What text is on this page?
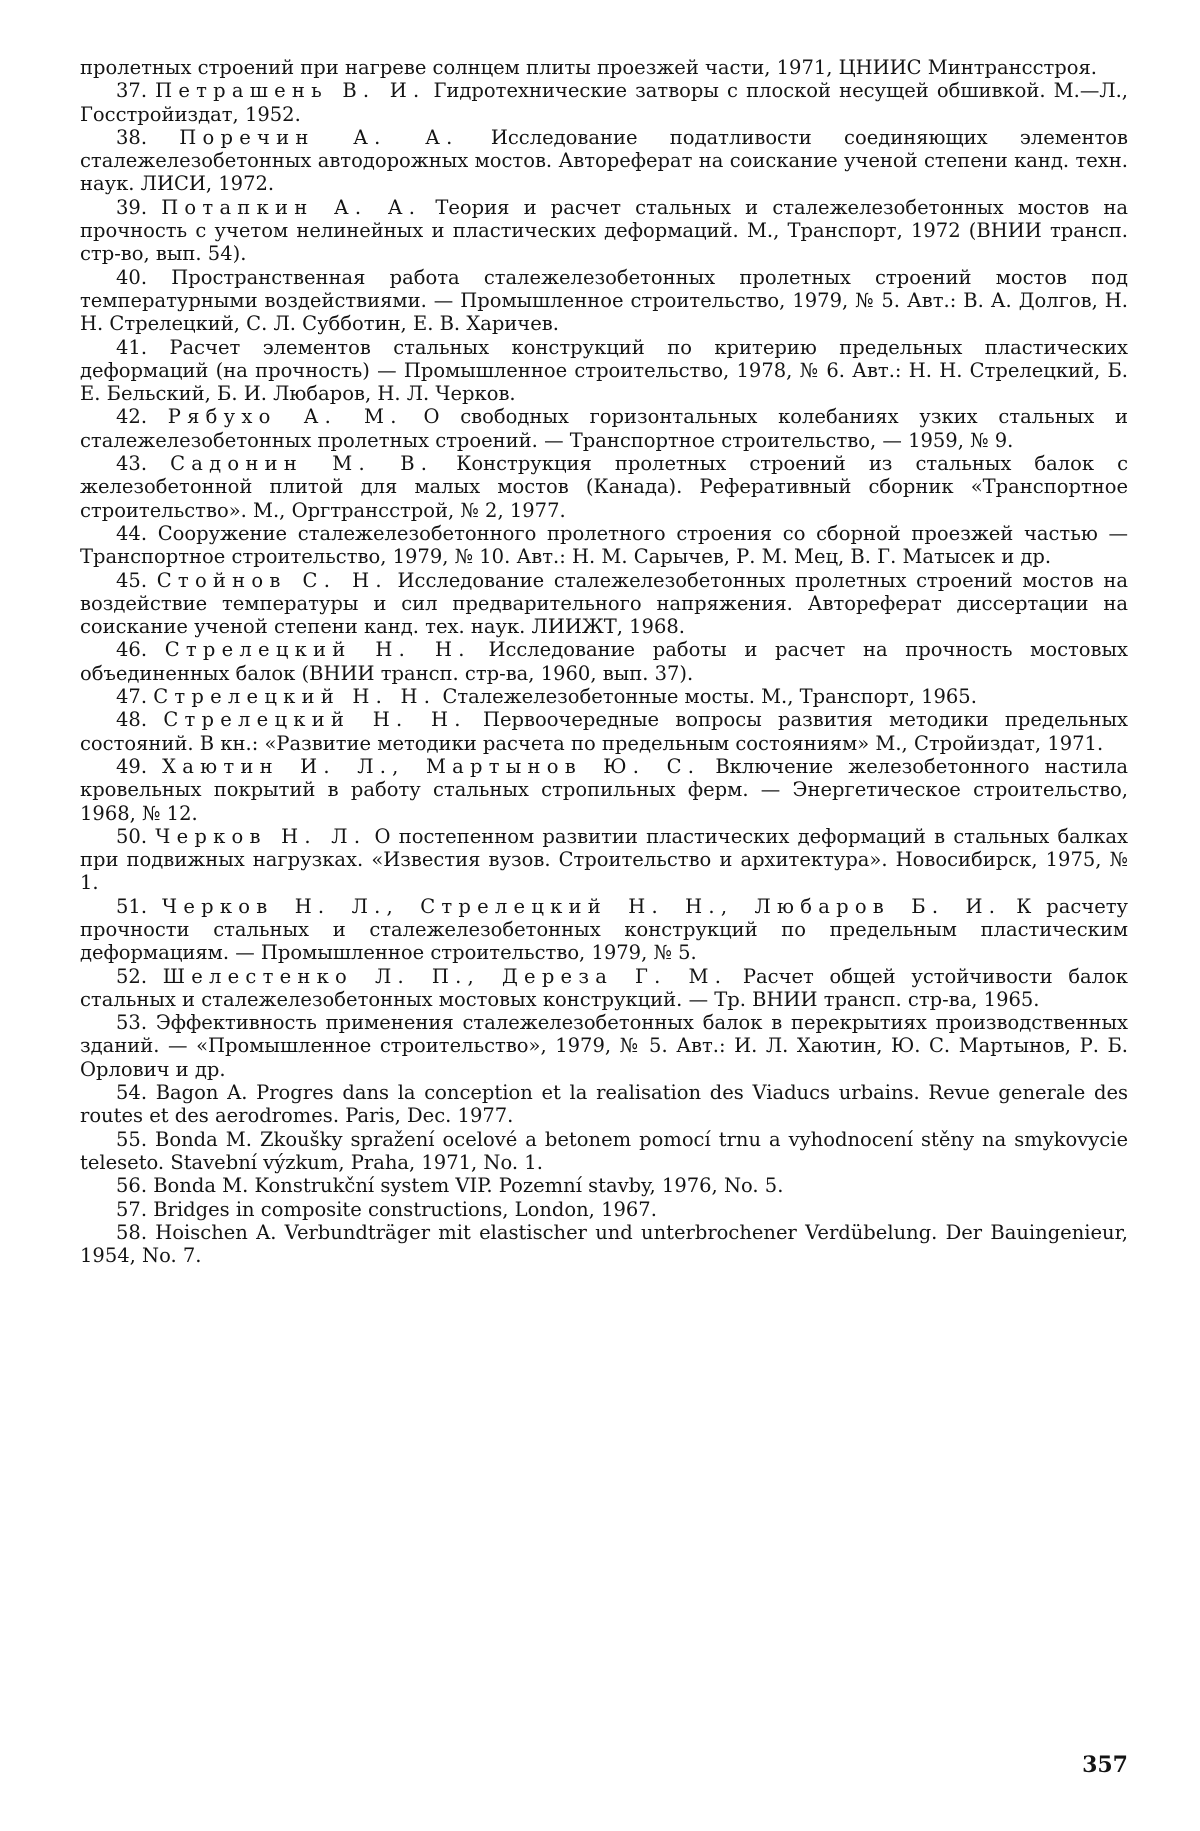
пролетных строений при нагреве солнцем плиты проезжей части, 1971, ЦНИИС Минтрансстроя.

37. Петрашень В. И. Гидротехнические затворы с плоской несущей обшивкой. М.—Л., Госстройиздат, 1952.

38. Поречин А. А. Исследование податливости соединяющих элементов сталежелезобетонных автодорожных мостов. Автореферат на соискание ученой степени канд. техн. наук. ЛИСИ, 1972.

39. Потапкин А. А. Теория и расчет стальных и сталежелезобетонных мостов на прочность с учетом нелинейных и пластических деформаций. М., Транспорт, 1972 (ВНИИ трансп. стр-во, вып. 54).

40. Пространственная работа сталежелезобетонных пролетных строений мостов под температурными воздействиями. — Промышленное строительство, 1979, № 5. Авт.: В. А. Долгов, Н. Н. Стрелецкий, С. Л. Субботин, Е. В. Харичев.

41. Расчет элементов стальных конструкций по критерию предельных пластических деформаций (на прочность) — Промышленное строительство, 1978, № 6. Авт.: Н. Н. Стрелецкий, Б. Е. Бельский, Б. И. Любаров, Н. Л. Черков.

42. Рябухо А. М. О свободных горизонтальных колебаниях узких стальных и сталежелезобетонных пролетных строений. — Транспортное строительство, — 1959, № 9.

43. Садонин М. В. Конструкция пролетных строений из стальных балок с железобетонной плитой для малых мостов (Канада). Реферативный сборник «Транспортное строительство». М., Оргтрансстрой, № 2, 1977.

44. Сооружение сталежелезобетонного пролетного строения со сборной проезжей частью — Транспортное строительство, 1979, № 10. Авт.: Н. М. Сарычев, Р. М. Мец, В. Г. Матысек и др.

45. Стойнов С. Н. Исследование сталежелезобетонных пролетных строений мостов на воздействие температуры и сил предварительного напряжения. Автореферат диссертации на соискание ученой степени канд. тех. наук. ЛИИЖТ, 1968.

46. Стрелецкий Н. Н. Исследование работы и расчет на прочность мостовых объединенных балок (ВНИИ трансп. стр-ва, 1960, вып. 37).

47. Стрелецкий Н. Н. Сталежелезобетонные мосты. М., Транспорт, 1965.

48. Стрелецкий Н. Н. Первоочередные вопросы развития методики предельных состояний. В кн.: «Развитие методики расчета по предельным состояниям» М., Стройиздат, 1971.

49. Хаютин И. Л., Мартынов Ю. С. Включение железобетонного настила кровельных покрытий в работу стальных стропильных ферм. — Энергетическое строительство, 1968, № 12.

50. Черков Н. Л. О постепенном развитии пластических деформаций в стальных балках при подвижных нагрузках. «Известия вузов. Строительство и архитектура». Новосибирск, 1975, № 1.

51. Черков Н. Л., Стрелецкий Н. Н., Любаров Б. И. К расчету прочности стальных и сталежелезобетонных конструкций по предельным пластическим деформациям. — Промышленное строительство, 1979, № 5.

52. Шелестенко Л. П., Дереза Г. М. Расчет общей устойчивости балок стальных и сталежелезобетонных мостовых конструкций. — Тр. ВНИИ трансп. стр-ва, 1965.

53. Эффективность применения сталежелезобетонных балок в перекрытиях производственных зданий. — «Промышленное строительство», 1979, № 5. Авт.: И. Л. Хаютин, Ю. С. Мартынов, Р. Б. Орлович и др.

54. Bagon A. Progres dans la conception et la realisation des Viaducs urbains. Revue generale des routes et des aerodromes. Paris, Dec. 1977.

55. Bonda M. Zkoušky spražení ocelové a betonem pomocí trnu a vyhodnocení stěny na smykovycie teleseto. Stavební výzkum, Praha, 1971, No. 1.

56. Bonda M. Konstrukční system VIP. Pozemní stavby, 1976, No. 5.

57. Bridges in composite constructions, London, 1967.

58. Hoischen A. Verbundträger mit elastischer und unterbrochener Verdübelung. Der Bauingenieur, 1954, No. 7.

357
